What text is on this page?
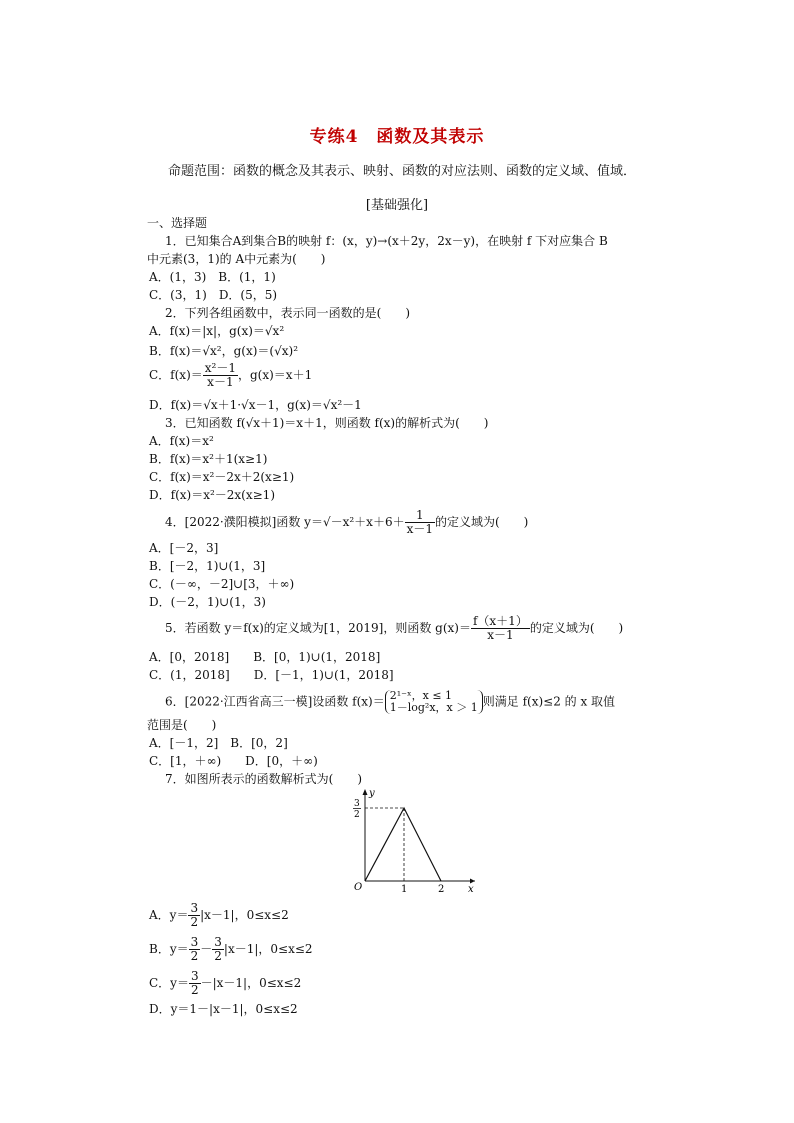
专练4　函数及其表示
命题范围：函数的概念及其表示、映射、函数的对应法则、函数的定义域、值域．
[基础强化]
一、选择题
1．已知集合A到集合B的映射 f：(x，y)→(x＋2y，2x－y)，在映射 f 下对应集合 B
中元素(3，1)的 A中元素为(　　)
A．(1，3)　B．(1，1)
C．(3，1)　D．(5，5)
2．下列各组函数中，表示同一函数的是(　　)
A．f(x)＝|x|，g(x)＝√x²
B．f(x)＝√x²，g(x)＝(√x)²
C．$f(x)= \frac{\text{x²－1}}{x-1}$ ，g(x)＝x＋1
D．f(x)＝√x＋1·√x－1，g(x)＝√x²－1
3．已知函数 f(√x＋1)＝x＋1，则函数 f(x)的解析式为(　　)
A．f(x)＝x²
B．f(x)＝x²＋1(x≥1)
C．f(x)＝x²－2x＋2(x≥1)
D．f(x)＝x²－2x(x≥1)
4．[2022·濮阳模拟]函数 $y=√-x^2+x+6+ \frac{1}{x-1}$ 的定义域为(　　)
A．[－2，3]
B．[－2，1)∪(1，3]
C．(－∞，－2]∪[3，＋∞)
D．(－2，1)∪(1，3)
5．若函数 y＝f(x)的定义域为[1，2019]，则函数 $g(x)= \frac{f(x+1)}{x-1}$ 的定义域为(　　)
A．[0，2018]　　B．[0，1)∪(1，2018]
C．(1，2018]　　D．[－1，1)∪(1，2018]
6．[2022·江西省高三一模]设函数 f(x)＝ 2¹⁻ˣ，x ≤ 1
1－log²x，x ＞ 1 则满足 f(x)≤2 的 x 取值
范围是(　　)
A．[－1，2]　B．[0，2]
C．[1，＋∞)　　D．[0，＋∞)
7．如图所表示的函数解析式为(　　)
y
x
O	1	2
3
2
A．$y= \frac{3}{2} |x-1|$，0≤x≤2
B．$y= \frac{3}{2} - \frac{3}{2} |x-1|$，0≤x≤2
C．$y= \frac{3}{2} -|x-1|$，0≤x≤2
D．y＝1－|x－1|，0≤x≤2
